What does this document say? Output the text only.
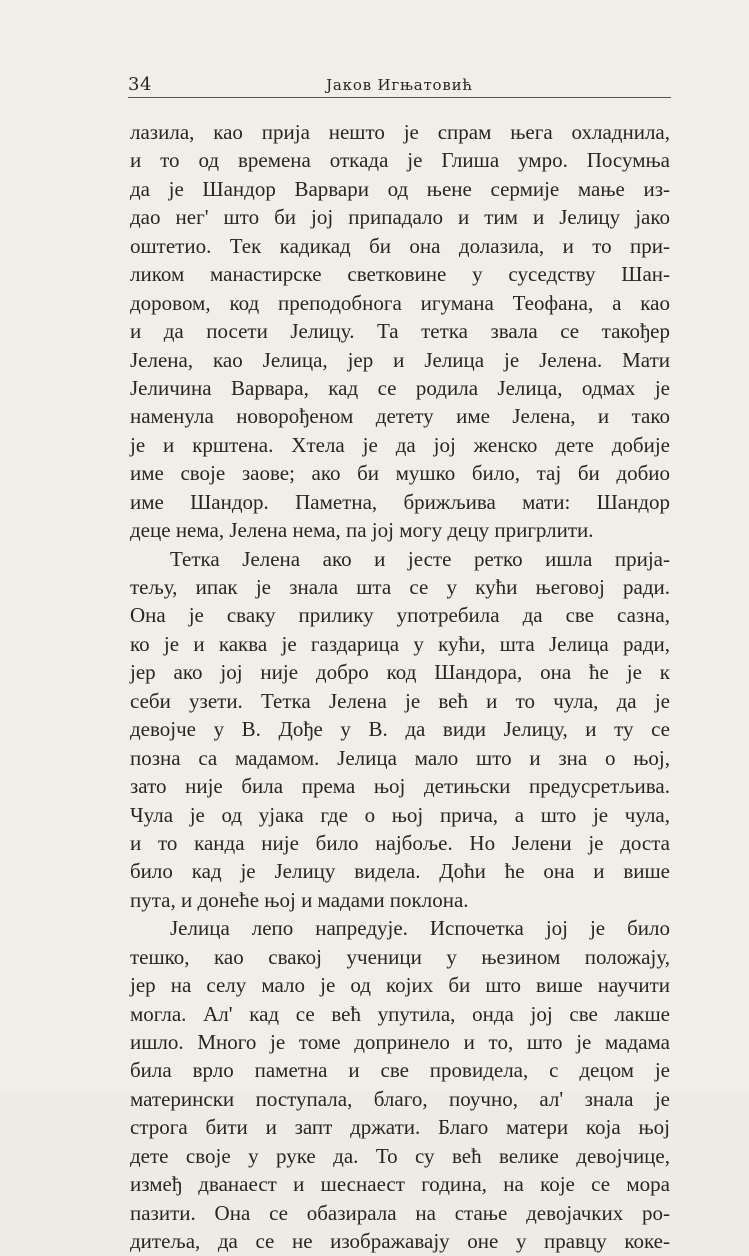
34	Јаков Игњатовић
лазила, као прија нешто је спрам њега охладнила,
и то од времена откада је Глиша умро. Посумња
да је Шандор Варвари од њене сермије мање из-
дао нег' што би јој припадало и тим и Јелицу јако
оштетио. Тек кадикад би она долазила, и то при-
ликом манастирске светковине у суседству Шан-
доровом, код преподобнога игумана Теофана, а као
и да посети Јелицу. Та тетка звала се такођер
Јелена, као Јелица, јер и Јелица је Јелена. Мати
Јеличина Варвара, кад се родила Јелица, одмах је
наменула новорођеном детету име Јелена, и тако
је и крштена. Хтела је да јој женско дете добије
име своје заове; ако би мушко било, тај би добио
име Шандор. Паметна, брижљива мати: Шандор
деце нема, Јелена нема, па јој могу децу пригрлити.
Тетка Јелена ако и јесте ретко ишла прија-
тељу, ипак је знала шта се у кући његовој ради.
Она је сваку прилику употребила да све сазна,
ко је и каква је газдарица у кући, шта Јелица ради,
јер ако јој није добро код Шандора, она ће је к
себи узети. Тетка Јелена је већ и то чула, да је
девојче у В. Дође у В. да види Јелицу, и ту се
позна са мадамом. Јелица мало што и зна о њој,
зато није била према њој детињски предусретљива.
Чула је од ујака где о њој прича, а што је чула,
и то канда није било најбоље. Но Јелени је доста
било кад је Јелицу видела. Доћи ће она и више
пута, и донеће њој и мадами поклона.
Јелица лепо напредује. Испочетка јој је било
тешко, као свакој ученици у њезином положају,
јер на селу мало је од којих би што више научити
могла. Ал' кад се већ упутила, онда јој све лакше
ишло. Много је томе допринело и то, што је мадама
била врло паметна и све провидела, с децом је
матерински поступала, благо, поучно, ал' знала је
строга бити и запт држати. Благо матери која њој
дете своје у руке да. То су већ велике девојчице,
измеђ дванаест и шеснаест година, на које се мора
пазити. Она се обазирала на стање девојачких ро-
дитеља, да се не изображавају оне у правцу коке-
